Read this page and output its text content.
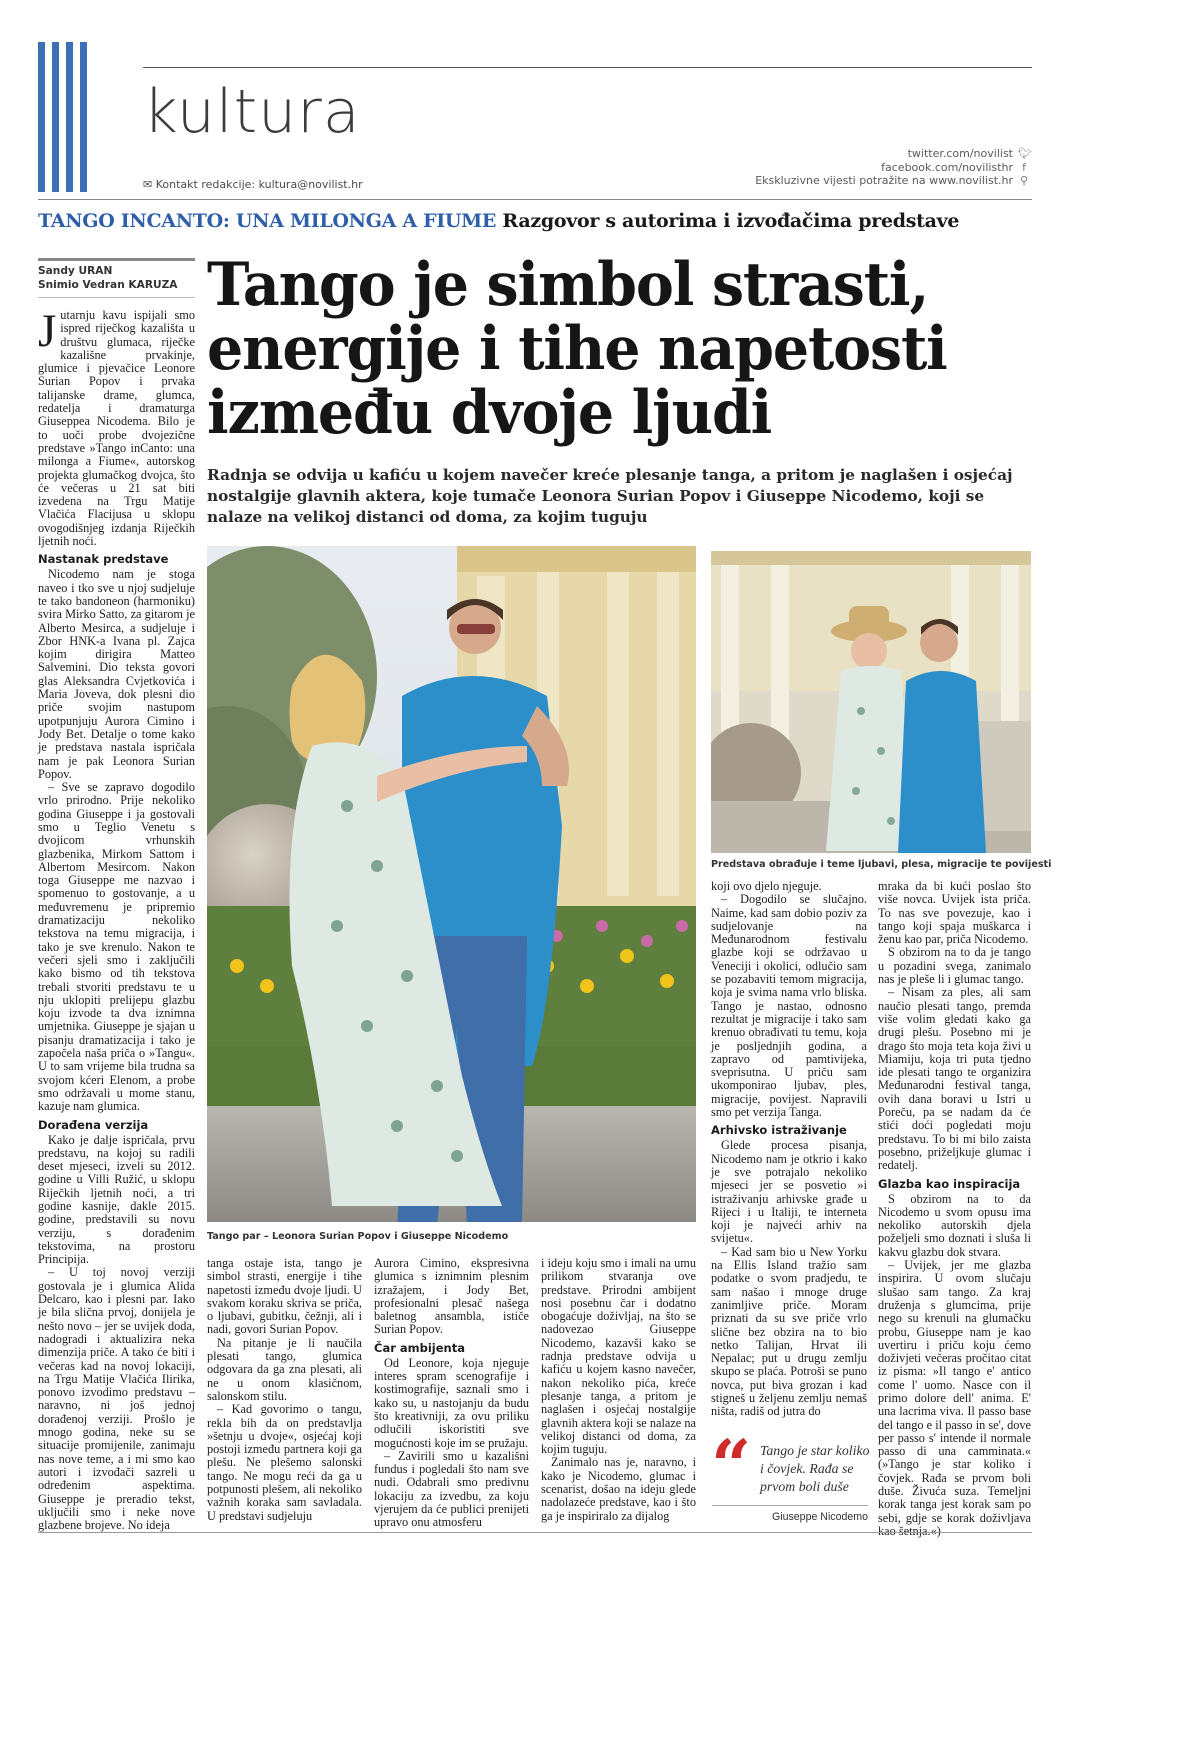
kultura
✉ Kontakt redakcije: kultura@novilist.hr
twitter.com/novilist 🐦︎
facebook.com/novilisthr f
Ekskluzivne vijesti potražite na www.novilist.hr ⚲
TANGO INCANTO: UNA MILONGA A FIUME Razgovor s autorima i izvođačima predstave
Sandy URAN
Snimio Vedran KARUZA Tango je simbol strasti,
energije i tihe napetosti
između dvoje ljudi
Radnja se odvija u kafiću u kojem navečer kreće plesanje tanga, a pritom je naglašen i osjećaj nostalgije glavnih aktera, koje tumače Leonora Surian Popov i Giuseppe Nicodemo, koji se nalaze na velikoj distanci od doma, za kojim tuguju

Jutarnju kavu ispijali smo ispred riječkog kazališta u društvu glumaca, riječke kazališne prvakinje, glumice i pjevačice Leonore Surian Popov i prvaka talijanske drame, glumca, redatelja i dramaturga Giuseppea Nicodema. Bilo je to uoči probe dvojezične predstave »Tango inCanto: una milonga a Fiume«, autorskog projekta glumačkog dvojca, što će večeras u 21 sat biti izvedena na Trgu Matije Vlačića Flacijusa u sklopu ovogodišnjeg izdanja Riječkih ljetnih noći.

Nastanak predstave

Nicodemo nam je stoga naveo i tko sve u njoj sudjeluje te tako bandoneon (harmoniku) svira Mirko Satto, za gitarom je Alberto Mesirca, a sudjeluje i Zbor HNK-a Ivana pl. Zajca kojim dirigira Matteo Salvemini. Dio teksta govori glas Aleksandra Cvjetkovića i Maria Joveva, dok plesni dio priče svojim nastupom upotpunjuju Aurora Cimino i Jody Bet. Detalje o tome kako je predstava nastala ispričala nam je pak Leonora Surian Popov.

– Sve se zapravo dogodilo vrlo prirodno. Prije nekoliko godina Giuseppe i ja gostovali smo u Teglio Venetu s dvojicom vrhunskih glazbenika, Mirkom Sattom i Albertom Mesircom. Nakon toga Giuseppe me nazvao i spomenuo to gostovanje, a u međuvremenu je pripremio dramatizaciju nekoliko tekstova na temu migracija, i tako je sve krenulo. Nakon te večeri sjeli smo i zaključili kako bismo od tih tekstova trebali stvoriti predstavu te u nju uklopiti prelijepu glazbu koju izvode ta dva iznimna umjetnika. Giuseppe je sjajan u pisanju dramatizacija i tako je započela naša priča o »Tangu«. U to sam vrijeme bila trudna sa svojom kćeri Elenom, a probe smo održavali u mome stanu, kazuje nam glumica.

Dorađena verzija

Kako je dalje ispričala, prvu predstavu, na kojoj su radili deset mjeseci, izveli su 2012. godine u Villi Ružić, u sklopu Riječkih ljetnih noći, a tri godine kasnije, dakle 2015. godine, predstavili su novu verziju, s dorađenim tekstovima, na prostoru Principija.

– U toj novoj verziji gostovala je i glumica Alida Delcaro, kao i plesni par. Iako je bila slična prvoj, donijela je nešto novo – jer se uvijek doda, nadogradi i aktualizira neka dimenzija priče. A tako će biti i večeras kad na novoj lokaciji, na Trgu Matije Vlačića Ilirika, ponovo izvodimo predstavu – naravno, ni još jednoj dorađenoj verziji. Prošlo je mnogo godina, neke su se situacije promijenile, zanimaju nas nove teme, a i mi smo kao autori i izvođači sazreli u određenim aspektima. Giuseppe je preradio tekst, uključili smo i neke nove glazbene brojeve. No ideja

Tango par – Leonora Surian Popov i Giuseppe Nicodemo
Predstava obrađuje i teme ljubavi, plesa, migracije te povijesti

tanga ostaje ista, tango je simbol strasti, energije i tihe napetosti između dvoje ljudi. U svakom koraku skriva se priča, o ljubavi, gubitku, čežnji, ali i nadi, govori Surian Popov.

Na pitanje je li naučila plesati tango, glumica odgovara da ga zna plesati, ali ne u onom klasičnom, salonskom stilu.

– Kad govorimo o tangu, rekla bih da on predstavlja »šetnju u dvoje«, osjećaj koji postoji između partnera koji ga plešu. Ne plešemo salonski tango. Ne mogu reći da ga u potpunosti plešem, ali nekoliko važnih koraka sam savladala. U predstavi sudjeluju

Aurora Cimino, ekspresivna glumica s iznimnim plesnim izražajem, i Jody Bet, profesionalni plesač našega baletnog ansambla, ističe Surian Popov.

Čar ambijenta

Od Leonore, koja njeguje interes spram scenografije i kostimografije, saznali smo i kako su, u nastojanju da budu što kreativniji, za ovu priliku odlučili iskoristiti sve mogućnosti koje im se pružaju.

– Zavirili smo u kazališni fundus i pogledali što nam sve nudi. Odabrali smo predivnu lokaciju za izvedbu, za koju vjerujem da će publici prenijeti upravo onu atmosferu

i ideju koju smo i imali na umu prilikom stvaranja ove predstave. Prirodni ambijent nosi posebnu čar i dodatno obogaćuje doživljaj, na što se nadovezao Giuseppe Nicodemo, kazavši kako se radnja predstave odvija u kafiću u kojem kasno navečer, nakon nekoliko pića, kreće plesanje tanga, a pritom je naglašen i osjećaj nostalgije glavnih aktera koji se nalaze na velikoj distanci od doma, za kojim tuguju.

Zanimalo nas je, naravno, i kako je Nicodemo, glumac i scenarist, došao na ideju glede nadolazeće predstave, kao i što ga je inspiriralo za dijalog

koji ovo djelo njeguje.

– Dogodilo se slučajno. Naime, kad sam dobio poziv za sudjelovanje na Međunarodnom festivalu glazbe koji se održavao u Veneciji i okolici, odlučio sam se pozabaviti temom migracija, koja je svima nama vrlo bliska. Tango je nastao, odnosno rezultat je migracije i tako sam krenuo obrađivati tu temu, koja je posljednjih godina, a zapravo od pamtivijeka, sveprisutna. U priču sam ukomponirao ljubav, ples, migracije, povijest. Napravili smo pet verzija Tanga.

Arhivsko istraživanje

Glede procesa pisanja, Nicodemo nam je otkrio i kako je sve potrajalo nekoliko mjeseci jer se posvetio »i istraživanju arhivske građe u Rijeci i u Italiji, te interneta koji je najveći arhiv na svijetu«.

– Kad sam bio u New Yorku na Ellis Island tražio sam podatke o svom pradjedu, te sam našao i mnoge druge zanimljive priče. Moram priznati da su sve priče vrlo slične bez obzira na to bio netko Talijan, Hrvat ili Nepalac; put u drugu zemlju skupo se plaća. Potroši se puno novca, put biva grozan i kad stigneš u željenu zemlju nemaš ništa, radiš od jutra do

mraka da bi kući poslao što više novca. Uvijek ista priča. To nas sve povezuje, kao i tango koji spaja muškarca i ženu kao par, priča Nicodemo.

S obzirom na to da je tango u pozadini svega, zanimalo nas je pleše li i glumac tango.

– Nisam za ples, ali sam naučio plesati tango, premda više volim gledati kako ga drugi plešu. Posebno mi je drago što moja teta koja živi u Miamiju, koja tri puta tjedno ide plesati tango te organizira Međunarodni festival tanga, ovih dana boravi u Istri u Poreču, pa se nadam da će stići doći pogledati moju predstavu. To bi mi bilo zaista posebno, priželjkuje glumac i redatelj.

Glazba kao inspiracija

S obzirom na to da Nicodemo u svom opusu ima nekoliko autorskih djela poželjeli smo doznati i sluša li kakvu glazbu dok stvara.

– Uvijek, jer me glazba inspirira. U ovom slučaju slušao sam tango. Za kraj druženja s glumcima, prije nego su krenuli na glumačku probu, Giuseppe nam je kao uvertiru i priču koju ćemo doživjeti večeras pročitao citat iz pisma: »Il tango e' antico come l' uomo. Nasce con il primo dolore dell' anima. E' una lacrima viva. Il passo base del tango e il passo in se', dove per passo s' intende il normale passo di una camminata.« (»Tango je star koliko i čovjek. Rađa se prvom boli duše. Živuća suza. Temeljni korak tanga jest korak sam po sebi, gdje se korak doživljava kao šetnja.«)

“ Tango je star koliko i čovjek. Rađa se prvom boli duše
Giuseppe Nicodemo
